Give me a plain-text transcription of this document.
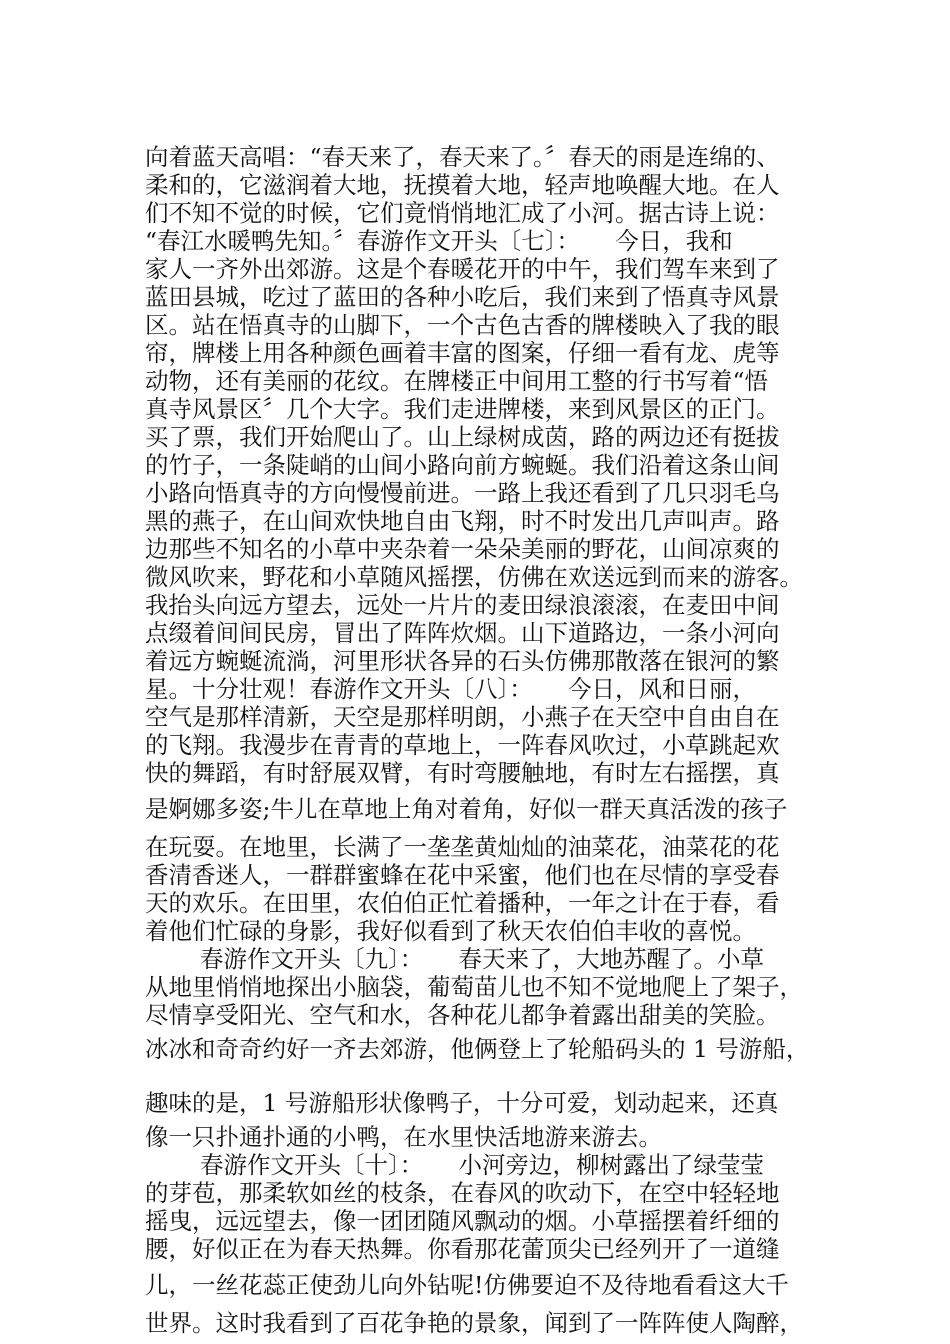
向着蓝天高唱：“春天来了，春天来了。〞春天的雨是连绵的、

柔和的，它滋润着大地，抚摸着大地，轻声地唤醒大地。在人

们不知不觉的时候，它们竟悄悄地汇成了小河。据古诗上说：

“春江水暖鸭先知。〞春游作文开头〔七〕：　　今日，我和

家人一齐外出郊游。这是个春暖花开的中午，我们驾车来到了

蓝田县城，吃过了蓝田的各种小吃后，我们来到了悟真寺风景

区。站在悟真寺的山脚下，一个古色古香的牌楼映入了我的眼

帘，牌楼上用各种颜色画着丰富的图案，仔细一看有龙、虎等

动物，还有美丽的花纹。在牌楼正中间用工整的行书写着“悟

真寺风景区〞几个大字。我们走进牌楼，来到风景区的正门。

买了票，我们开始爬山了。山上绿树成茵，路的两边还有挺拔

的竹子，一条陡峭的山间小路向前方蜿蜒。我们沿着这条山间

小路向悟真寺的方向慢慢前进。一路上我还看到了几只羽毛乌

黑的燕子，在山间欢快地自由飞翔，时不时发出几声叫声。路

边那些不知名的小草中夹杂着一朵朵美丽的野花，山间凉爽的

微风吹来，野花和小草随风摇摆，仿佛在欢送远到而来的游客。

我抬头向远方望去，远处一片片的麦田绿浪滚滚，在麦田中间

点缀着间间民房，冒出了阵阵炊烟。山下道路边，一条小河向

着远方蜿蜒流淌，河里形状各异的石头仿佛那散落在银河的繁

星。十分壮观！春游作文开头〔八〕：　　今日，风和日丽，

空气是那样清新，天空是那样明朗，小燕子在天空中自由自在

的飞翔。我漫步在青青的草地上，一阵春风吹过，小草跳起欢

快的舞蹈，有时舒展双臂，有时弯腰触地，有时左右摇摆，真

是婀娜多姿;牛儿在草地上角对着角，好似一群天真活泼的孩子

在玩耍。在地里，长满了一垄垄黄灿灿的油菜花，油菜花的花

香清香迷人，一群群蜜蜂在花中采蜜，他们也在尽情的享受春

天的欢乐。在田里，农伯伯正忙着播种，一年之计在于春，看

着他们忙碌的身影，我好似看到了秋天农伯伯丰收的喜悦。

春游作文开头〔九〕：　　春天来了，大地苏醒了。小草

从地里悄悄地探出小脑袋，葡萄苗儿也不知不觉地爬上了架子，

尽情享受阳光、空气和水，各种花儿都争着露出甜美的笑脸。

冰冰和奇奇约好一齐去郊游，他俩登上了轮船码头的 1 号游船，

趣味的是，1 号游船形状像鸭子，十分可爱，划动起来，还真

像一只扑通扑通的小鸭，在水里快活地游来游去。

春游作文开头〔十〕：　　小河旁边，柳树露出了绿莹莹

的芽苞，那柔软如丝的枝条，在春风的吹动下，在空中轻轻地

摇曳，远远望去，像一团团随风飘动的烟。小草摇摆着纤细的

腰，好似正在为春天热舞。你看那花蕾顶尖已经列开了一道缝

儿，一丝花蕊正使劲儿向外钻呢!仿佛要迫不及待地看看这大千

世界。这时我看到了百花争艳的景象，闻到了一阵阵使人陶醉，
